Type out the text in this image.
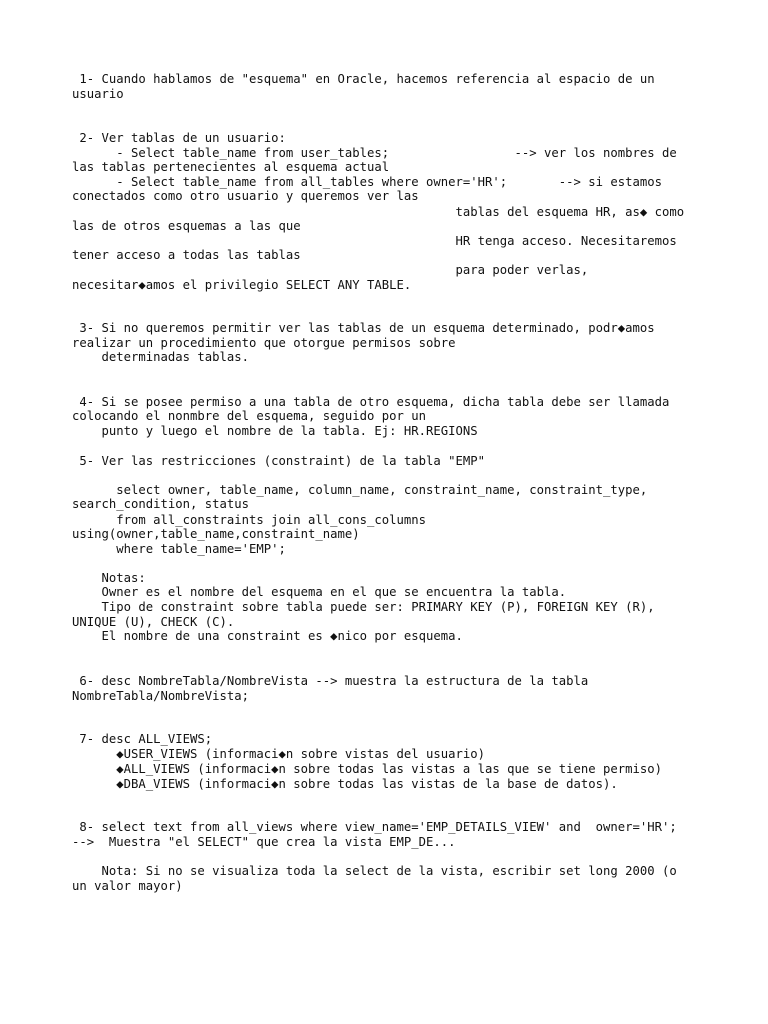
1- Cuando hablamos de "esquema" en Oracle, hacemos referencia al espacio de un

usuario

2- Ver tablas de un usuario:

- Select table_name from user_tables;                 --> ver los nombres de

las tablas pertenecientes al esquema actual

- Select table_name from all_tables where owner='HR';       --> si estamos

conectados como otro usuario y queremos ver las

tablas del esquema HR, as◆ como

las de otros esquemas a las que

HR tenga acceso. Necesitaremos

tener acceso a todas las tablas

para poder verlas,

necesitar◆amos el privilegio SELECT ANY TABLE.

3- Si no queremos permitir ver las tablas de un esquema determinado, podr◆amos

realizar un procedimiento que otorgue permisos sobre

determinadas tablas.

4- Si se posee permiso a una tabla de otro esquema, dicha tabla debe ser llamada

colocando el nonmbre del esquema, seguido por un

punto y luego el nombre de la tabla. Ej: HR.REGIONS

5- Ver las restricciones (constraint) de la tabla "EMP"

select owner, table_name, column_name, constraint_name, constraint_type,

search_condition, status

from all_constraints join all_cons_columns

using(owner,table_name,constraint_name)

where table_name='EMP';

Notas:

Owner es el nombre del esquema en el que se encuentra la tabla.

Tipo de constraint sobre tabla puede ser: PRIMARY KEY (P), FOREIGN KEY (R),

UNIQUE (U), CHECK (C).

El nombre de una constraint es ◆nico por esquema.

6- desc NombreTabla/NombreVista --> muestra la estructura de la tabla

NombreTabla/NombreVista;

7- desc ALL_VIEWS;

◆USER_VIEWS (informaci◆n sobre vistas del usuario)

◆ALL_VIEWS (informaci◆n sobre todas las vistas a las que se tiene permiso)

◆DBA_VIEWS (informaci◆n sobre todas las vistas de la base de datos).

8- select text from all_views where view_name='EMP_DETAILS_VIEW' and  owner='HR';

-->  Muestra "el SELECT" que crea la vista EMP_DE...

Nota: Si no se visualiza toda la select de la vista, escribir set long 2000 (o

un valor mayor)
